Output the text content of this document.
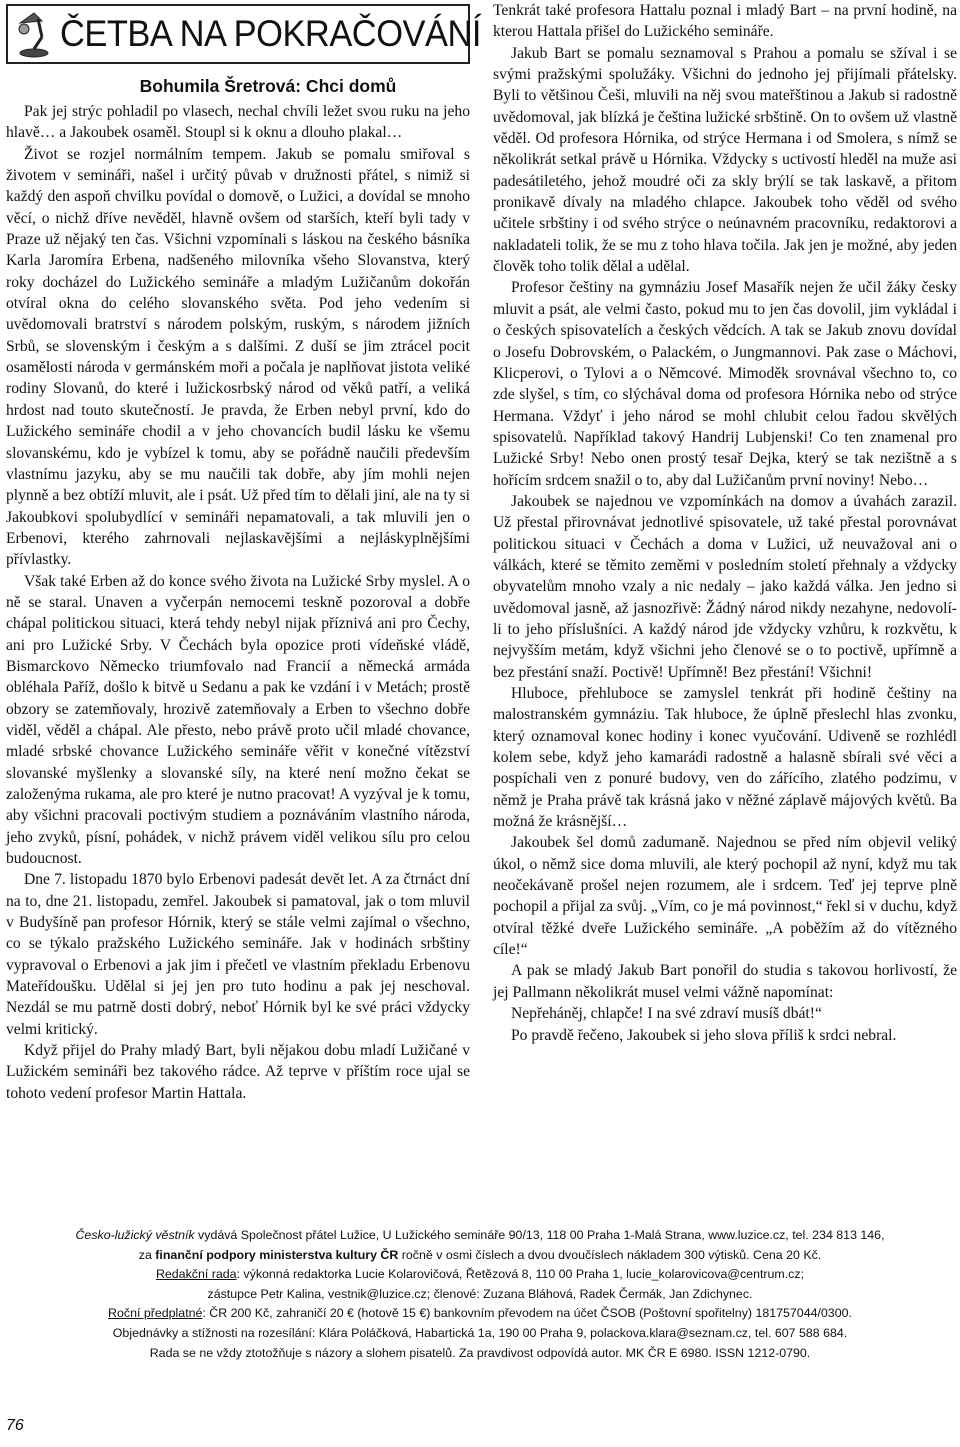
ČETBA NA POKRAČOVÁNÍ
Bohumila Šretrová: Chci domů

Pak jej strýc pohladil po vlasech, nechal chvíli ležet svou ruku na jeho hlavě… a Jakoubek osaměl. Stoupl si k oknu a dlouho plakal…

Život se rozjel normálním tempem. Jakub se pomalu smiřoval s životem v semináři, našel i určitý půvab v družnosti přátel, s nimiž si každý den aspoň chvilku povídal o domově, o Lužici, a dovídal se mnoho věcí, o nichž dříve nevěděl, hlavně ovšem od starších, kteří byli tady v Praze už nějaký ten čas. Všichni vzpomínali s láskou na českého básníka Karla Jaromíra Erbena, nadšeného milovníka všeho Slovanstva, který roky docházel do Lužického semináře a mladým Lužičanům dokořán otvíral okna do celého slovanského světa. Pod jeho vedením si uvědomovali bratrství s národem polským, ruským, s národem jižních Srbů, se slovenským i českým a s dalšími. Z duší se jim ztrácel pocit osamělosti národa v germánském moři a počala je naplňovat jistota veliké rodiny Slovanů, do které i lužickosrbský národ od věků patří, a veliká hrdost nad touto skutečností. Je pravda, že Erben nebyl první, kdo do Lužického semináře chodil a v jeho chovancích budil lásku ke všemu slovanskému, kdo je vybízel k tomu, aby se pořádně naučili především vlastnímu jazyku, aby se mu naučili tak dobře, aby jím mohli nejen plynně a bez obtíží mluvit, ale i psát. Už před tím to dělali jiní, ale na ty si Jakoubkovi spolubydlící v semináři nepamatovali, a tak mluvili jen o Erbenovi, kterého zahrnovali nejlaskavějšími a nejláskyplnějšími přívlastky.

Však také Erben až do konce svého života na Lužické Srby myslel. A o ně se staral. Unaven a vyčerpán nemocemi teskně pozoroval a dobře chápal politickou situaci, která tehdy nebyl nijak příznivá ani pro Čechy, ani pro Lužické Srby. V Čechách byla opozice proti vídeňské vládě, Bismarckovo Německo triumfovalo nad Francií a německá armáda obléhala Paříž, došlo k bitvě u Sedanu a pak ke vzdání i v Metách; prostě obzory se zatemňovaly, hrozivě zatemňovaly a Erben to všechno dobře viděl, věděl a chápal. Ale přesto, nebo právě proto učil mladé chovance, mladé srbské chovance Lužického semináře věřit v konečné vítězství slovanské myšlenky a slovanské síly, na které není možno čekat se založenýma rukama, ale pro které je nutno pracovat! A vyzýval je k tomu, aby všichni pracovali poctivým studiem a poznáváním vlastního národa, jeho zvyků, písní, pohádek, v nichž právem viděl velikou sílu pro celou budoucnost.

Dne 7. listopadu 1870 bylo Erbenovi padesát devět let. A za čtrnáct dní na to, dne 21. listopadu, zemřel. Jakoubek si pamatoval, jak o tom mluvil v Budyšíně pan profesor Hórnik, který se stále velmi zajímal o všechno, co se týkalo pražského Lužického semináře. Jak v hodinách srbštiny vypravoval o Erbenovi a jak jim i přečetl ve vlastním překladu Erbenovu Mateřídoušku. Udělal si jej jen pro tuto hodinu a pak jej neschoval. Nezdál se mu patrně dosti dobrý, neboť Hórnik byl ke své práci vždycky velmi kritický.

Když přijel do Prahy mladý Bart, byli nějakou dobu mladí Lužičané v Lužickém semináři bez takového rádce. Až teprve v příštím roce ujal se tohoto vedení profesor Martin Hattala.

Tenkrát také profesora Hattalu poznal i mladý Bart – na první hodině, na kterou Hattala přišel do Lužického semináře.

Jakub Bart se pomalu seznamoval s Prahou a pomalu se sžíval i se svými pražskými spolužáky. Všichni do jednoho jej přijímali přátelsky. Byli to většinou Češi, mluvili na něj svou mateřštinou a Jakub si radostně uvědomoval, jak blízká je čeština lužické srbštině. On to ovšem už vlastně věděl. Od profesora Hórnika, od strýce Hermana i od Smolera, s nímž se několikrát setkal právě u Hórnika. Vždycky s uctivostí hleděl na muže asi padesátiletého, jehož moudré oči za skly brýlí se tak laskavě, a přitom pronikavě dívaly na mladého chlapce. Jakoubek toho věděl od svého učitele srbštiny i od svého strýce o neúnavném pracovníku, redaktorovi a nakladateli tolik, že se mu z toho hlava točila. Jak jen je možné, aby jeden člověk toho tolik dělal a udělal.

Profesor češtiny na gymnáziu Josef Masařík nejen že učil žáky česky mluvit a psát, ale velmi často, pokud mu to jen čas dovolil, jim vykládal i o českých spisovatelích a českých vědcích. A tak se Jakub znovu dovídal o Josefu Dobrovském, o Palackém, o Jungmannovi. Pak zase o Máchovi, Klicperovi, o Tylovi a o Němcové. Mimoděk srovnával všechno to, co zde slyšel, s tím, co slýchával doma od profesora Hórnika nebo od strýce Hermana. Vždyť i jeho národ se mohl chlubit celou řadou skvělých spisovatelů. Například takový Handrij Lubjenski! Co ten znamenal pro Lužické Srby! Nebo onen prostý tesař Dejka, který se tak nezištně a s hořícím srdcem snažil o to, aby dal Lužičanům první noviny! Nebo…

Jakoubek se najednou ve vzpomínkách na domov a úvahách zarazil. Už přestal přirovnávat jednotlivé spisovatele, už také přestal porovnávat politickou situaci v Čechách a doma v Lužici, už neuvažoval ani o válkách, které se těmito zeměmi v posledním století přehnaly a vždycky obyvatelům mnoho vzaly a nic nedaly – jako každá válka. Jen jedno si uvědomoval jasně, až jasnozřivě: Žádný národ nikdy nezahyne, nedovolí-li to jeho příslušníci. A každý národ jde vždycky vzhůru, k rozkvětu, k nejvyšším metám, když všichni jeho členové se o to poctivě, upřímně a bez přestání snaží. Poctivě! Upřímně! Bez přestání! Všichni!

Hluboce, přehluboce se zamyslel tenkrát při hodině češtiny na malostranském gymnáziu. Tak hluboce, že úplně přeslechl hlas zvonku, který oznamoval konec hodiny i konec vyučování. Udiveně se rozhlédl kolem sebe, když jeho kamarádi radostně a halasně sbírali své věci a pospíchali ven z ponuré budovy, ven do zářícího, zlatého podzimu, v němž je Praha právě tak krásná jako v něžné záplavě májových květů. Ba možná že krásnější…

Jakoubek šel domů zadumaně. Najednou se před ním objevil veliký úkol, o němž sice doma mluvili, ale který pochopil až nyní, když mu tak neočekávaně prošel nejen rozumem, ale i srdcem. Teď jej teprve plně pochopil a přijal za svůj. „Vím, co je má povinnost,“ řekl si v duchu, když otvíral těžké dveře Lužického semináře. „A poběžím až do vítězného cíle!“

A pak se mladý Jakub Bart ponořil do studia s takovou horlivostí, že jej Pallmann několikrát musel velmi vážně napomínat:

Nepřeháněj, chlapče! I na své zdraví musíš dbát!“

Po pravdě řečeno, Jakoubek si jeho slova příliš k srdci nebral.

Česko-lužický věstník vydává Společnost přátel Lužice, U Lužického semináře 90/13, 118 00 Praha 1-Malá Strana, www.luzice.cz, tel. 234 813 146,
za finanční podpory ministerstva kultury ČR ročně v osmi číslech a dvou dvoučíslech nákladem 300 výtisků. Cena 20 Kč.
Redakční rada: výkonná redaktorka Lucie Kolarovičová, Řetězová 8, 110 00 Praha 1, lucie_kolarovicova@centrum.cz;
zástupce Petr Kalina, vestnik@luzice.cz; členové: Zuzana Bláhová, Radek Čermák, Jan Zdichynec.
Roční předplatné: ČR 200 Kč, zahraničí 20 € (hotově 15 €) bankovním převodem na účet ČSOB (Poštovní spořitelny) 181757044/0300.
Objednávky a stížnosti na rozesílání: Klára Poláčková, Habartická 1a, 190 00 Praha 9, polackova.klara@seznam.cz, tel. 607 588 684.
Rada se ne vždy ztotožňuje s názory a slohem pisatelů. Za pravdivost odpovídá autor. MK ČR E 6980. ISSN 1212-0790.
76
